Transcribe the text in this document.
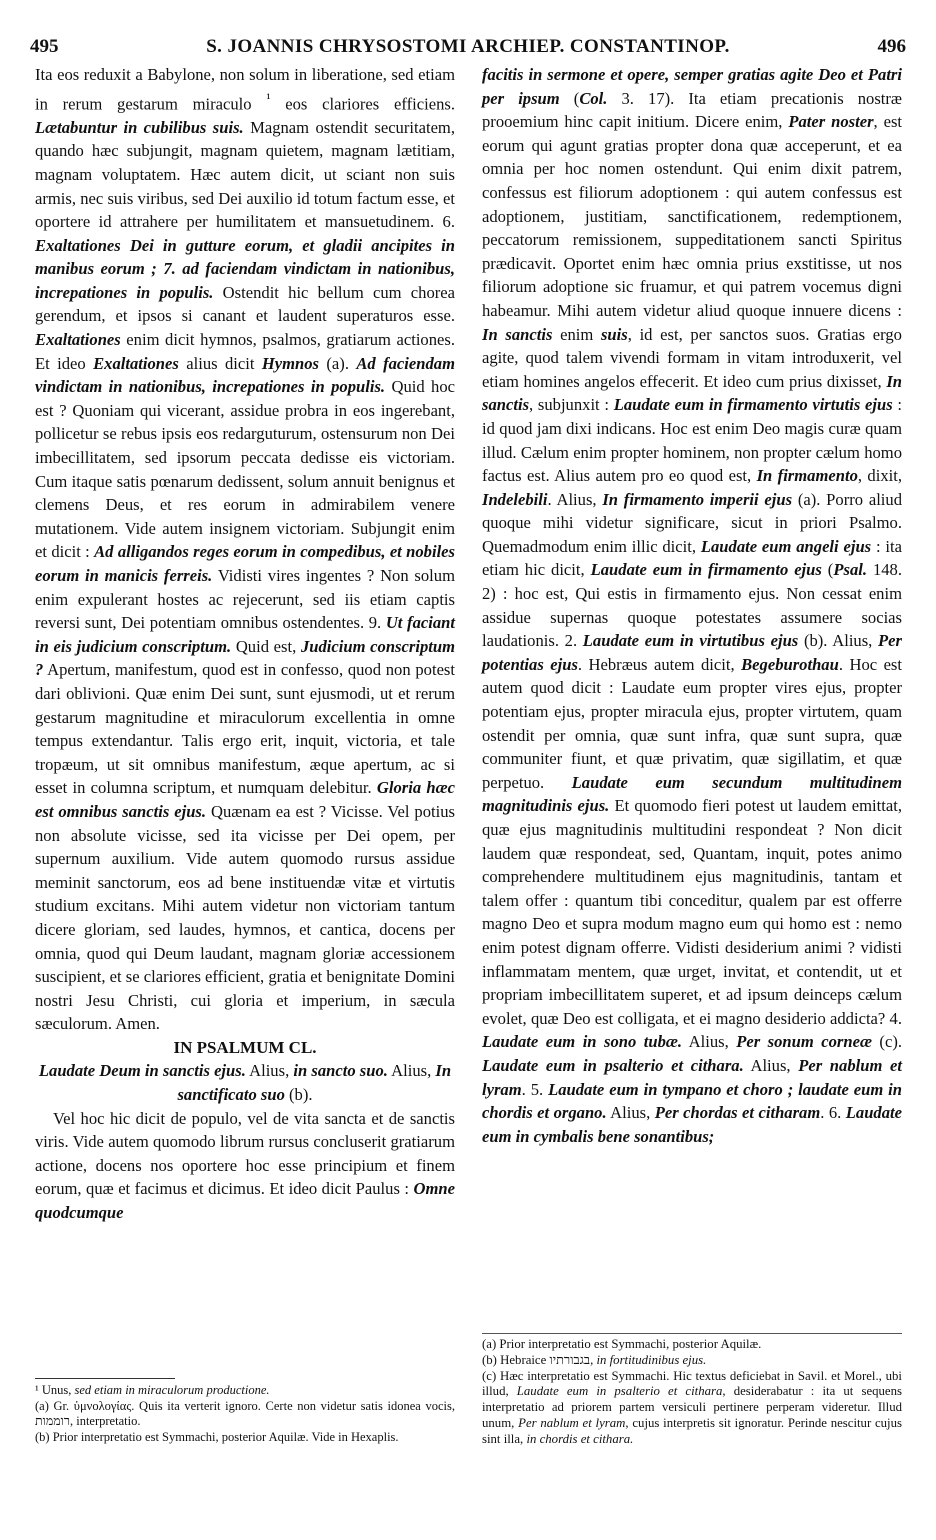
495	S. JOANNIS CHRYSOSTOMI ARCHIEP. CONSTANTINOP.	496

Ita eos reduxit a Babylone, non solum in liberatione, sed etiam in rerum gestarum miraculo $^{^1}$ eos clariores efficiens. Lætabuntur in cubilibus suis. Magnam ostendit securitatem, quando hæc subjungit, magnam quietem, magnam lætitiam, magnam voluptatem. Hæc autem dicit, ut sciant non suis armis, nec suis viribus, sed Dei auxilio id totum factum esse, et oportere id attrahere per humilitatem et mansuetudinem. 6. Exaltationes Dei in gutture eorum, et gladii ancipites in manibus eorum ; 7. ad faciendam vindictam in nationibus, increpationes in populis. Ostendit hic bellum cum chorea gerendum, et ipsos si canant et laudent superaturos esse. Exaltationes enim dicit hymnos, psalmos, gratiarum actiones. Et ideo Exaltationes alius dicit Hymnos (a). Ad faciendam vindictam in nationibus, increpationes in populis. Quid hoc est ? Quoniam qui vicerant, assidue probra in eos ingerebant, pollicetur se rebus ipsis eos redarguturum, ostensurum non Dei imbecillitatem, sed ipsorum peccata dedisse eis victoriam. Cum itaque satis pœnarum dedissent, solum annuit benignus et clemens Deus, et res eorum in admirabilem venere mutationem. Vide autem insignem victoriam. Subjungit enim et dicit : Ad alligandos reges eorum in compedibus, et nobiles eorum in manicis ferreis. Vidisti vires ingentes ? Non solum enim expulerant hostes ac rejecerunt, sed iis etiam captis reversi sunt, Dei potentiam omnibus ostendentes. 9. Ut faciant in eis judicium conscriptum. Quid est, Judicium conscriptum ? Apertum, manifestum, quod est in confesso, quod non potest dari oblivioni. Quæ enim Dei sunt, sunt ejusmodi, ut et rerum gestarum magnitudine et miraculorum excellentia in omne tempus extendantur. Talis ergo erit, inquit, victoria, et tale tropæum, ut sit omnibus manifestum, æque apertum, ac si esset in columna scriptum, et numquam delebitur. Gloria hæc est omnibus sanctis ejus. Quænam ea est ? Vicisse. Vel potius non absolute vicisse, sed ita vicisse per Dei opem, per supernum auxilium. Vide autem quomodo rursus assidue meminit sanctorum, eos ad bene instituendæ vitæ et virtutis studium excitans. Mihi autem videtur non victoriam tantum dicere gloriam, sed laudes, hymnos, et cantica, docens per omnia, quod qui Deum laudant, magnam gloriæ accessionem suscipient, et se clariores efficient, gratia et benignitate Domini nostri Jesu Christi, cui gloria et imperium, in sæcula sæculorum. Amen.

IN PSALMUM CL.

Laudate Deum in sanctis ejus. Alius, in sancto suo. Alius, In sanctificato suo (b).

Vel hoc hic dicit de populo, vel de vita sancta et de sanctis viris. Vide autem quomodo librum rursus concluserit gratiarum actione, docens nos oportere hoc esse principium et finem eorum, quæ et facimus et dicimus. Et ideo dicit Paulus : Omne quodcumque

facitis in sermone et opere, semper gratias agite Deo et Patri per ipsum (Col. 3. 17). Ita etiam precationis nostræ prooemium hinc capit initium. Dicere enim, Pater noster, est eorum qui agunt gratias propter dona quæ acceperunt, et ea omnia per hoc nomen ostendunt. Qui enim dixit patrem, confessus est filiorum adoptionem : qui autem confessus est adoptionem, justitiam, sanctificationem, redemptionem, peccatorum remissionem, suppeditationem sancti Spiritus prædicavit. Oportet enim hæc omnia prius exstitisse, ut nos filiorum adoptione sic fruamur, et qui patrem vocemus digni habeamur. Mihi autem videtur aliud quoque innuere dicens : In sanctis enim suis, id est, per sanctos suos. Gratias ergo agite, quod talem vivendi formam in vitam introduxerit, vel etiam homines angelos effecerit. Et ideo cum prius dixisset, In sanctis, subjunxit : Laudate eum in firmamento virtutis ejus : id quod jam dixi indicans. Hoc est enim Deo magis curæ quam illud. Cælum enim propter hominem, non propter cælum homo factus est. Alius autem pro eo quod est, In firmamento, dixit, Indelebili. Alius, In firmamento imperii ejus (a). Porro aliud quoque mihi videtur significare, sicut in priori Psalmo. Quemadmodum enim illic dicit, Laudate eum angeli ejus : ita etiam hic dicit, Laudate eum in firmamento ejus (Psal. 148. 2) : hoc est, Qui estis in firmamento ejus. Non cessat enim assidue supernas quoque potestates assumere socias laudationis. 2. Laudate eum in virtutibus ejus (b). Alius, Per potentias ejus. Hebræus autem dicit, Begeburothau. Hoc est autem quod dicit : Laudate eum propter vires ejus, propter potentiam ejus, propter miracula ejus, propter virtutem, quam ostendit per omnia, quæ sunt infra, quæ sunt supra, quæ communiter fiunt, et quæ privatim, quæ sigillatim, et quæ perpetuo. Laudate eum secundum multitudinem magnitudinis ejus. Et quomodo fieri potest ut laudem emittat, quæ ejus magnitudinis multitudini respondeat ? Non dicit laudem quæ respondeat, sed, Quantam, inquit, potes animo comprehendere multitudinem ejus magnitudinis, tantam et talem offer : quantum tibi conceditur, qualem par est offerre magno Deo et supra modum magno eum qui homo est : nemo enim potest dignam offerre. Vidisti desiderium animi ? vidisti inflammatam mentem, quæ urget, invitat, et contendit, ut et propriam imbecillitatem superet, et ad ipsum deinceps cælum evolet, quæ Deo est colligata, et ei magno desiderio addicta? 4. Laudate eum in sono tubæ. Alius, Per sonum corneæ (c). Laudate eum in psalterio et cithara. Alius, Per nablum et lyram. 5. Laudate eum in tympano et choro ; laudate eum in chordis et organo. Alius, Per chordas et citharam. 6. Laudate eum in cymbalis bene sonantibus;

¹ Unus, sed etiam in miraculorum productione.

(a) Gr. ὑμνολογίας. Quis ita verterit ignoro. Certe non videtur satis idonea vocis, רוממות, interpretatio.

(b) Prior interpretatio est Symmachi, posterior Aquilæ. Vide in Hexaplis.

(a) Prior interpretatio est Symmachi, posterior Aquilæ.

(b) Hebraice בגבורתיו, in fortitudinibus ejus.

(c) Hæc interpretatio est Symmachi. Hic textus deficiebat in Savil. et Morel., ubi illud, Laudate eum in psalterio et cithara, desiderabatur : ita ut sequens interpretatio ad priorem partem versiculi pertinere perperam videretur. Illud unum, Per nablum et lyram, cujus interpretis sit ignoratur. Perinde nescitur cujus sint illa, in chordis et cithara.
